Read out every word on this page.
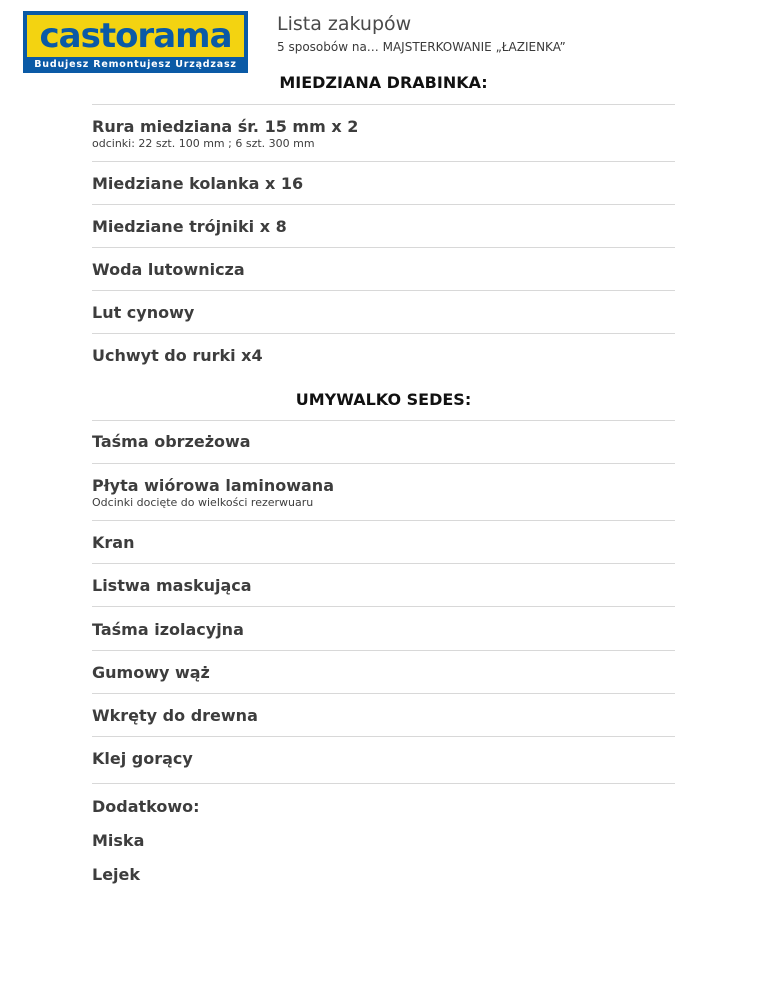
castorama
Budujesz Remontujesz Urządzasz
Lista zakupów
5 sposobów na… MAJSTERKOWANIE „ŁAZIENKA”
MIEDZIANA DRABINKA:
Rura miedziana śr. 15 mm x 2
odcinki: 22 szt. 100 mm ; 6 szt. 300 mm
Miedziane kolanka x 16
Miedziane trójniki x 8
Woda lutownicza
Lut cynowy
Uchwyt do rurki x4
UMYWALKO SEDES:
Taśma obrzeżowa
Płyta wiórowa laminowana
Odcinki docięte do wielkości rezerwuaru
Kran
Listwa maskująca
Taśma izolacyjna
Gumowy wąż
Wkręty do drewna
Klej gorący
Dodatkowo:
Miska
Lejek
